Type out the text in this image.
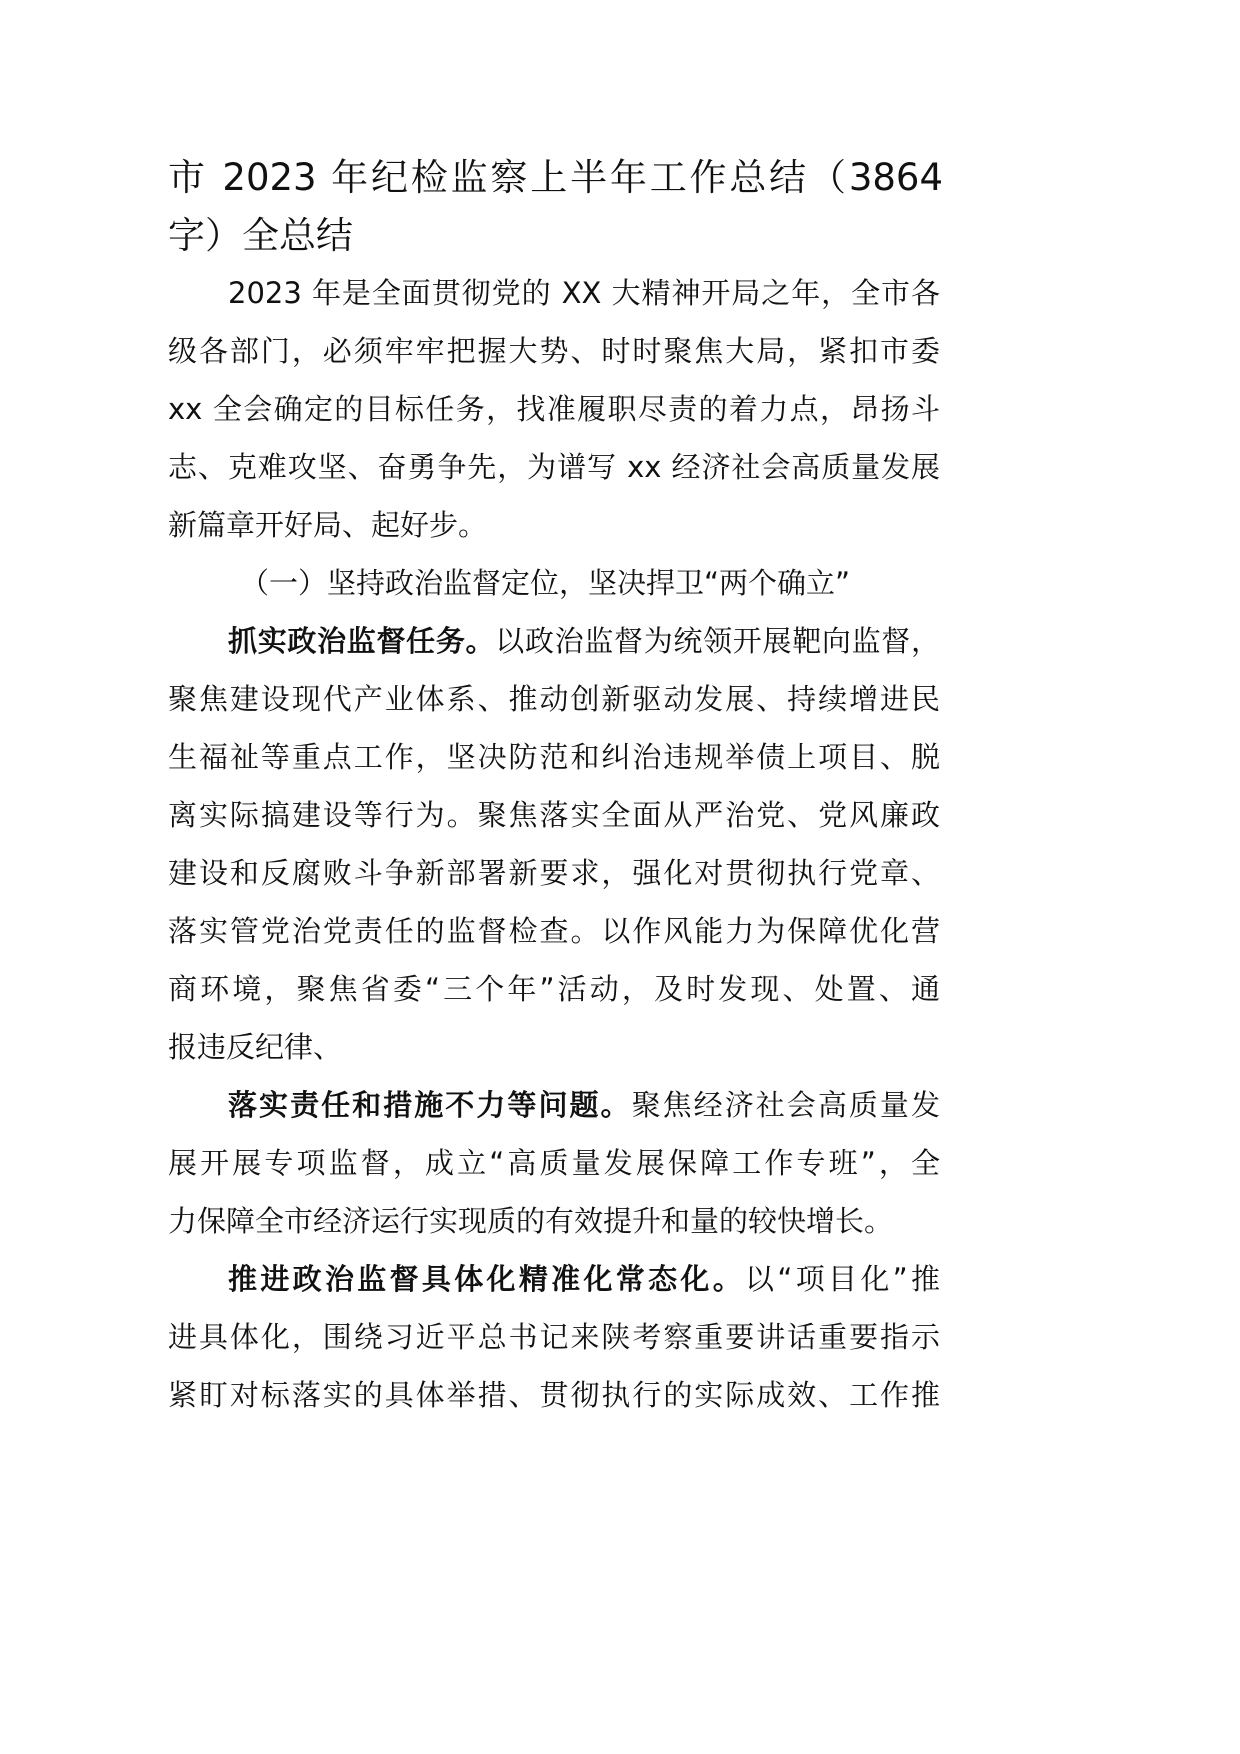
市 2023 年纪检监察上半年工作总结（3864
字）全总结
2023 年是全面贯彻党的 XX 大精神开局之年，全市各
级各部门，必须牢牢把握大势、时时聚焦大局，紧扣市委
xx 全会确定的目标任务，找准履职尽责的着力点，昂扬斗
志、克难攻坚、奋勇争先，为谱写 xx 经济社会高质量发展
新篇章开好局、起好步。
（一）坚持政治监督定位，坚决捍卫“两个确立”
抓实政治监督任务。以政治监督为统领开展靶向监督，
聚焦建设现代产业体系、推动创新驱动发展、持续增进民
生福祉等重点工作，坚决防范和纠治违规举债上项目、脱
离实际搞建设等行为。聚焦落实全面从严治党、党风廉政
建设和反腐败斗争新部署新要求，强化对贯彻执行党章、
落实管党治党责任的监督检查。以作风能力为保障优化营
商环境，聚焦省委“三个年”活动，及时发现、处置、通
报违反纪律、
落实责任和措施不力等问题。聚焦经济社会高质量发
展开展专项监督，成立“高质量发展保障工作专班”，全
力保障全市经济运行实现质的有效提升和量的较快增长。
推进政治监督具体化精准化常态化。以“项目化”推
进具体化，围绕习近平总书记来陕考察重要讲话重要指示
紧盯对标落实的具体举措、贯彻执行的实际成效、工作推
